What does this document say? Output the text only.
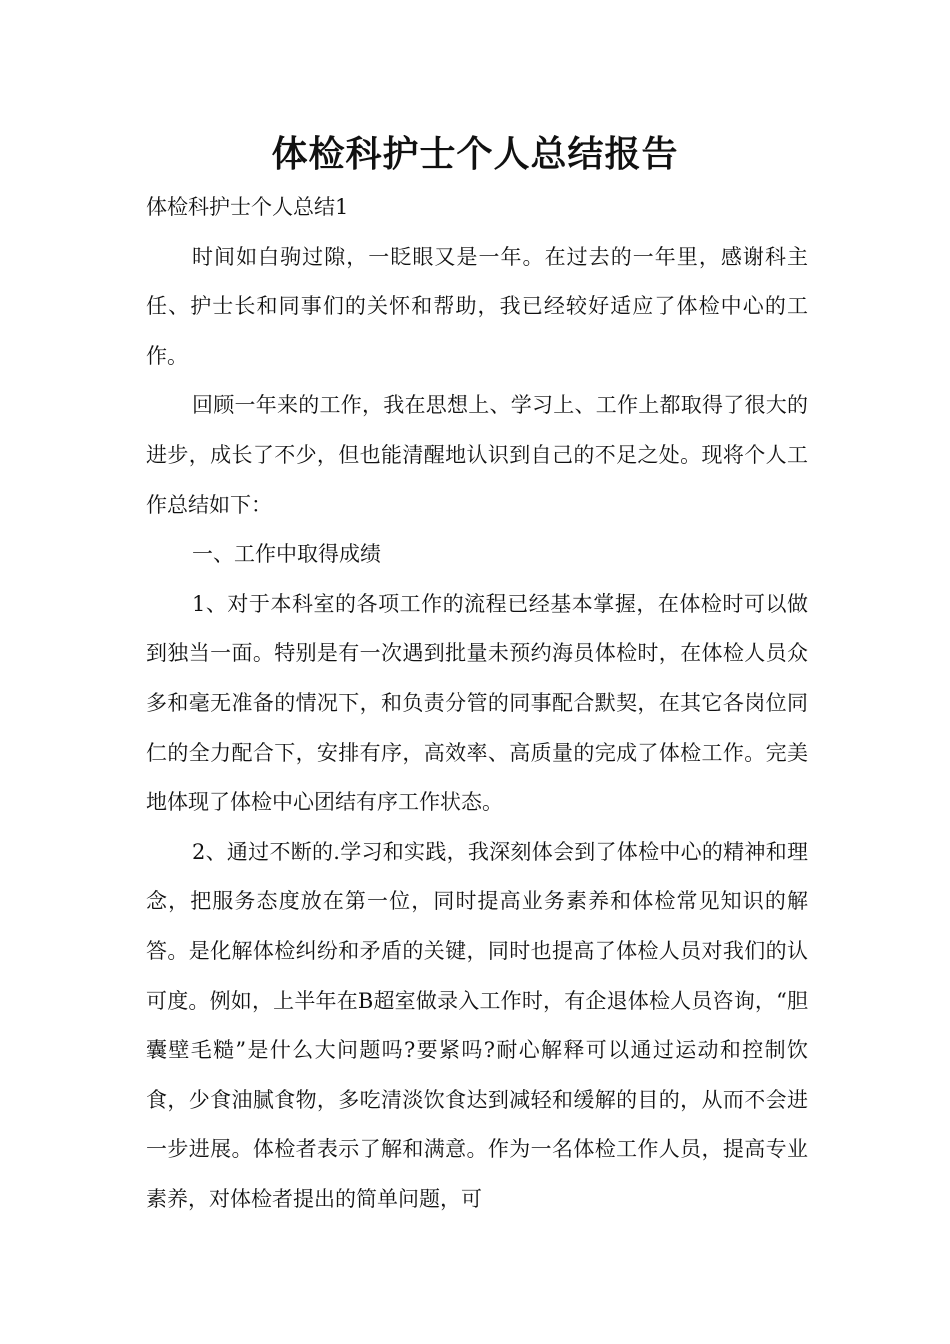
体检科护士个人总结报告

体检科护士个人总结1

时间如白驹过隙，一眨眼又是一年。在过去的一年里，感谢科主任、护士长和同事们的关怀和帮助，我已经较好适应了体检中心的工作。

回顾一年来的工作，我在思想上、学习上、工作上都取得了很大的进步，成长了不少，但也能清醒地认识到自己的不足之处。现将个人工作总结如下：

一、工作中取得成绩

1、对于本科室的各项工作的流程已经基本掌握，在体检时可以做到独当一面。特别是有一次遇到批量未预约海员体检时，在体检人员众多和毫无准备的情况下，和负责分管的同事配合默契，在其它各岗位同仁的全力配合下，安排有序，高效率、高质量的完成了体检工作。完美地体现了体检中心团结有序工作状态。

2、通过不断的.学习和实践，我深刻体会到了体检中心的精神和理念，把服务态度放在第一位，同时提高业务素养和体检常见知识的解答。是化解体检纠纷和矛盾的关键，同时也提高了体检人员对我们的认可度。例如，上半年在B超室做录入工作时，有企退体检人员咨询，“胆囊壁毛糙”是什么大问题吗?要紧吗?耐心解释可以通过运动和控制饮食，少食油腻食物，多吃清淡饮食达到减轻和缓解的目的，从而不会进一步进展。体检者表示了解和满意。作为一名体检工作人员，提高专业素养，对体检者提出的简单问题，可
